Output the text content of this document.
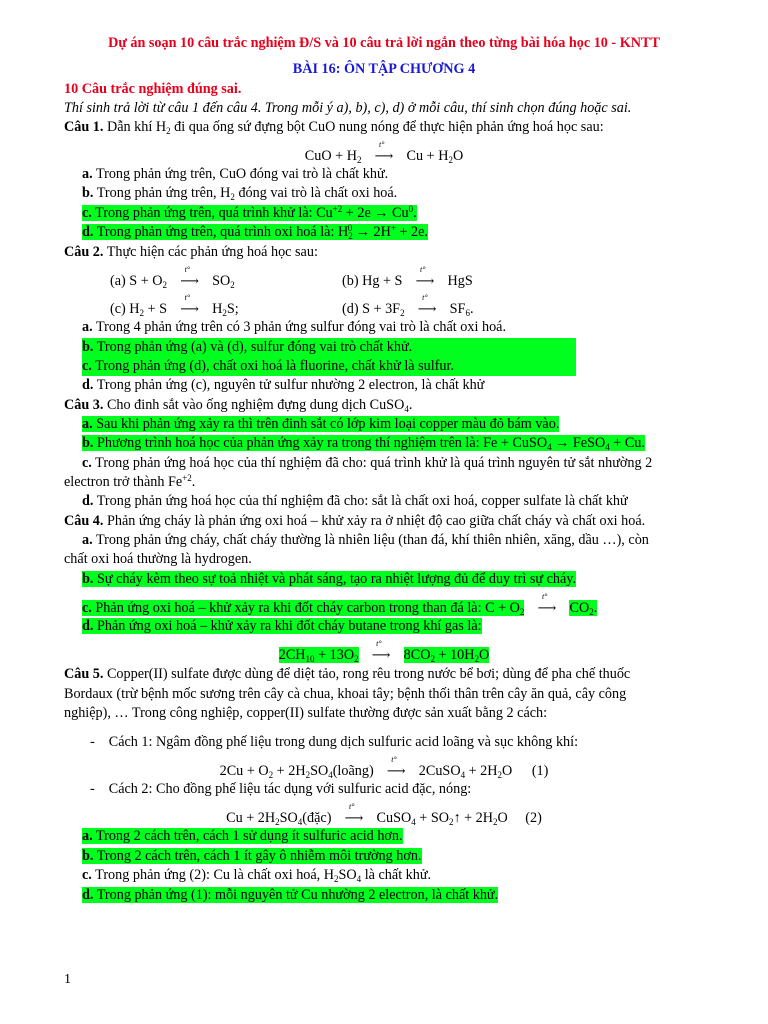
Dự án soạn 10 câu trắc nghiệm Đ/S và 10 câu trả lời ngắn theo từng bài hóa học 10 - KNTT
BÀI 16: ÔN TẬP CHƯƠNG 4
10 Câu trắc nghiệm đúng sai.
Thí sinh trả lời từ câu 1 đến câu 4. Trong mỗi ý a), b), c), d) ở mỗi câu, thí sinh chọn đúng hoặc sai.
Câu 1. Dẫn khí $H_2$ đi qua ống sứ đựng bột CuO nung nóng để thực hiện phản ứng hoá học sau:
CuO + $H_2$
t°
⟶ $Cu + H_2O$
a. Trong phản ứng trên, CuO đóng vai trò là chất khử.
b. Trong phản ứng trên, $H_2$ đóng vai trò là chất oxi hoá.
c. Trong phản ứng trên, quá trình khử là: $Cu^{+2} + 2e \to Cu^0$.
d. Trong phản ứng trên, quá trình oxi hoá là: $H_2^0 \to 2H^+ + 2e$.
Câu 2. Thực hiện các phản ứng hoá học sau:
(a) $S + O_2$
t°
⟶ $SO_2$	(b) Hg + S
t°
⟶ HgS
(c) $H_2 + S$
t°
⟶ $H_2S$;	(d) $S + 3F_2$
t°
⟶ $SF_6$.
a. Trong 4 phản ứng trên có 3 phản ứng sulfur đóng vai trò là chất oxi hoá.
b. Trong phản ứng (a) và (d), sulfur đóng vai trò chất khử.
c. Trong phản ứng (d), chất oxi hoá là fluorine, chất khử là sulfur.
d. Trong phản ứng (c), nguyên tử sulfur nhường 2 electron, là chất khử
Câu 3. Cho đinh sắt vào ống nghiệm đựng dung dịch CuSO$_4$.
a. Sau khi phản ứng xảy ra thì trên đinh sắt có lớp kim loại copper màu đỏ bám vào.
b. Phương trình hoá học của phản ứng xảy ra trong thí nghiệm trên là: Fe + CuSO$_4$ → FeSO$_4$ + Cu.
c. Trong phản ứng hoá học của thí nghiệm đã cho: quá trình khử là quá trình nguyên tử sắt nhường 2
electron trở thành $Fe^{+2}$.
d. Trong phản ứng hoá học của thí nghiệm đã cho: sắt là chất oxi hoá, copper sulfate là chất khử
Câu 4. Phản ứng cháy là phản ứng oxi hoá – khử xảy ra ở nhiệt độ cao giữa chất cháy và chất oxi hoá.
a. Trong phản ứng cháy, chất cháy thường là nhiên liệu (than đá, khí thiên nhiên, xăng, dầu …), còn
chất oxi hoá thường là hydrogen.
b. Sự cháy kèm theo sự toả nhiệt và phát sáng, tạo ra nhiệt lượng đủ để duy trì sự cháy.
c. Phản ứng oxi hoá – khử xảy ra khi đốt cháy carbon trong than đá là: $C + O_2$
t°
⟶ $CO_2$.
d. Phản ứng oxi hoá – khử xảy ra khi đốt cháy butane trong khí gas là:
$2CH_{10} + 13O_2$
t°
⟶ $8CO_2 + 10H_2O$
Câu 5. Copper(II) sulfate được dùng để diệt tảo, rong rêu trong nước bể bơi; dùng để pha chế thuốc
Bordaux (trừ bệnh mốc sương trên cây cà chua, khoai tây; bệnh thối thân trên cây ăn quả, cây công
nghiệp), … Trong công nghiệp, copper(II) sulfate thường được sản xuất bằng 2 cách:
- Cách 1: Ngâm đồng phế liệu trong dung dịch sulfuric acid loãng và sục không khí:
$2Cu + O_2$ + $2H_2SO_4(loãng)$
t°
⟶ 2CuSO$_4$ + $2H_2O$ (1)
- Cách 2: Cho đồng phế liệu tác dụng với sulfuric acid đặc, nóng:
$Cu + 2H_2SO_4(đặc)$
t°
⟶ CuSO$_4$ + $SO_2↑ + 2H_2O$ (2)
a. Trong 2 cách trên, cách 1 sử dụng ít sulfuric acid hơn.
b. Trong 2 cách trên, cách 1 ít gây ô nhiễm môi trường hơn.
c. Trong phản ứng (2): Cu là chất oxi hoá, $H_2SO_4$ là chất khử.
d. Trong phản ứng (1): mỗi nguyên tử Cu nhường 2 electron, là chất khử.
1
